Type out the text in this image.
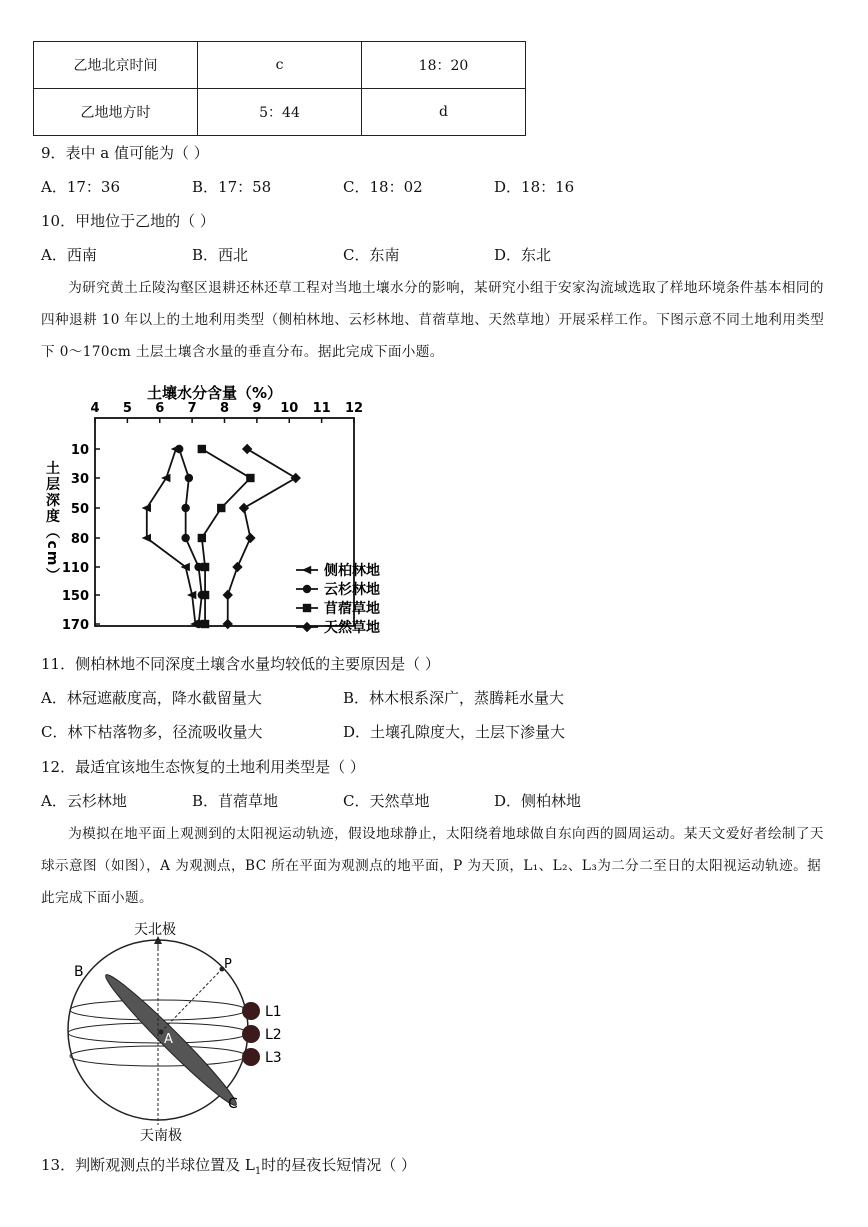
乙地北京时间	c	18：20
乙地地方时	5：44	d
9．表中 a 值可能为（ ）
A．17：36	B．17：58	C．18：02	D．18：16
10．甲地位于乙地的（ ）
A．西南	B．西北	C．东南	D．东北
为研究黄土丘陵沟壑区退耕还林还草工程对当地土壤水分的影响，某研究小组于安家沟流域选取了样地环境条件基本相同的四种退耕 10 年以上的土地利用类型（侧柏林地、云杉林地、苜蓿草地、天然草地）开展采样工作。下图示意不同土地利用类型下 0～170cm 土层土壤含水量的垂直分布。据此完成下面小题。
土壤水分含量（%）
4 5 6 7 8 9 10 11 12
10
30
50
80
110
150
170
土层深度（cm）	侧柏林地
云杉林地
苜蓿草地
天然草地
11．侧柏林地不同深度土壤含水量均较低的主要原因是（ ）
A．林冠遮蔽度高，降水截留量大	B．林木根系深广，蒸腾耗水量大
C．林下枯落物多，径流吸收量大	D．土壤孔隙度大，土层下渗量大
12．最适宜该地生态恢复的土地利用类型是（ ）
A．云杉林地	B．苜蓿草地	C．天然草地	D．侧柏林地
为模拟在地平面上观测到的太阳视运动轨迹，假设地球静止，太阳绕着地球做自东向西的圆周运动。某天文爱好者绘制了天球示意图（如图），A 为观测点，BC 所在平面为观测点的地平面，P 为天顶，L₁、L₂、L₃为二分二至日的太阳视运动轨迹。据此完成下面小题。
天北极
天南极
B
C
P
A
L1
L2
L3
13．判断观测点的半球位置及 $L_1$时的昼夜长短情况（ ）
